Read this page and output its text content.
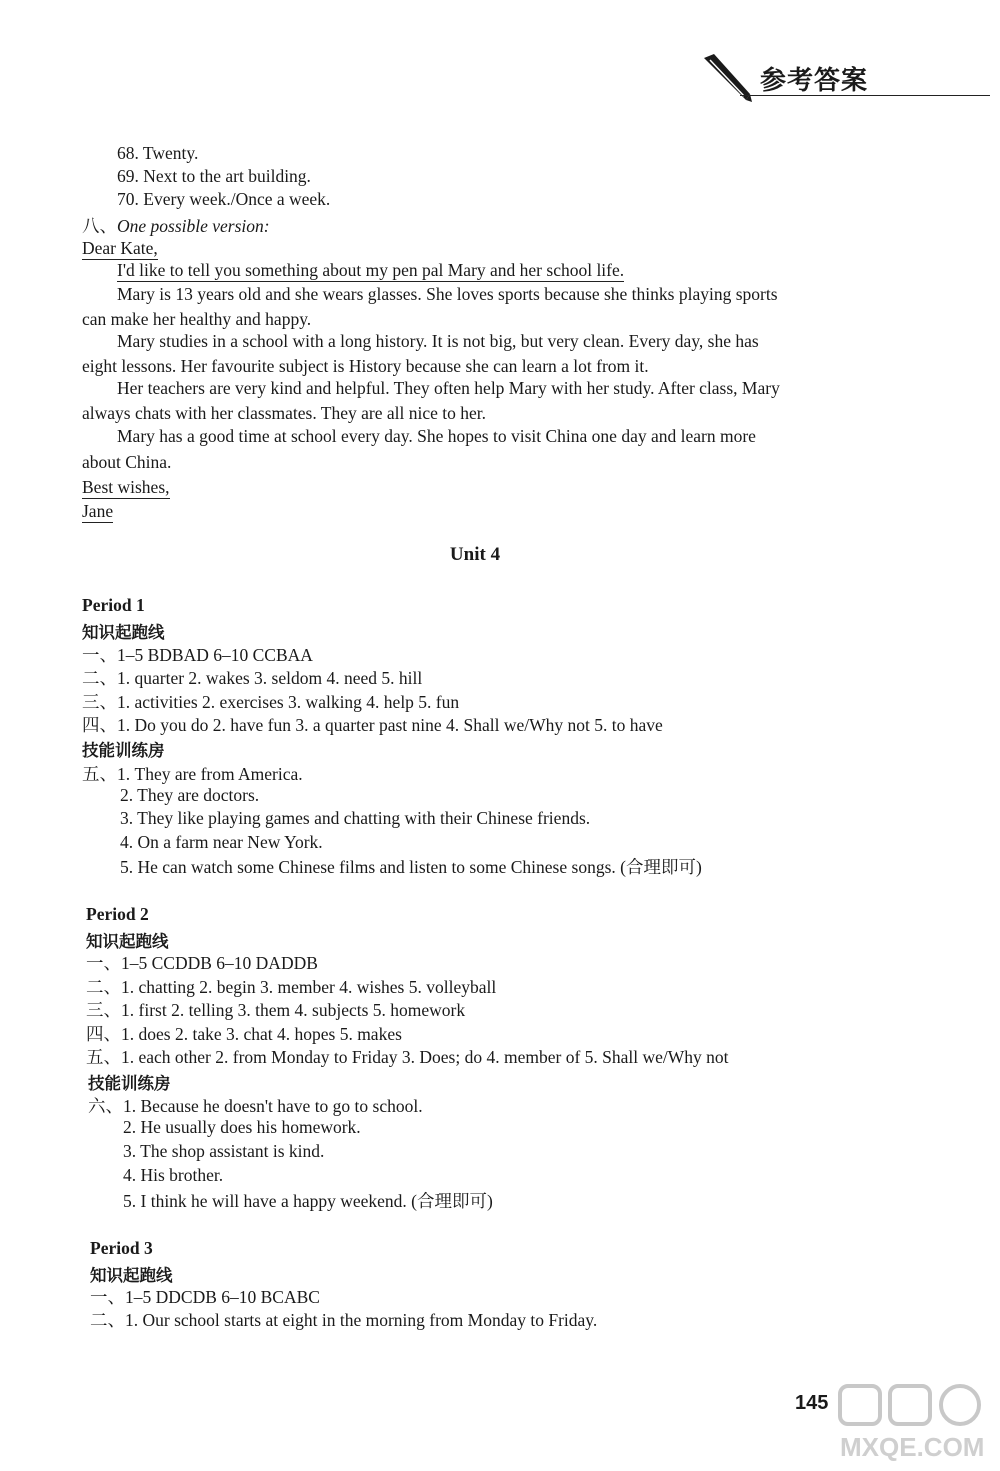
参考答案
68. Twenty.
69. Next to the art building.
70. Every week./Once a week.
八、One possible version:
Dear Kate,
I'd like to tell you something about my pen pal Mary and her school life.
Mary is 13 years old and she wears glasses. She loves sports because she thinks playing sports
can make her healthy and happy.
Mary studies in a school with a long history. It is not big, but very clean. Every day, she has
eight lessons. Her favourite subject is History because she can learn a lot from it.
Her teachers are very kind and helpful. They often help Mary with her study. After class, Mary
always chats with her classmates. They are all nice to her.
Mary has a good time at school every day. She hopes to visit China one day and learn more
about China.
Best wishes,
Jane
Unit 4
Period 1
知识起跑线
一、1–5 BDBAD 6–10 CCBAA
二、1. quarter 2. wakes 3. seldom 4. need 5. hill
三、1. activities 2. exercises 3. walking 4. help 5. fun
四、1. Do you do 2. have fun 3. a quarter past nine 4. Shall we/Why not 5. to have
技能训练房
五、1. They are from America.
2. They are doctors.
3. They like playing games and chatting with their Chinese friends.
4. On a farm near New York.
5. He can watch some Chinese films and listen to some Chinese songs. (合理即可)
Period 2
知识起跑线
一、1–5 CCDDB 6–10 DADDB
二、1. chatting 2. begin 3. member 4. wishes 5. volleyball
三、1. first 2. telling 3. them 4. subjects 5. homework
四、1. does 2. take 3. chat 4. hopes 5. makes
五、1. each other 2. from Monday to Friday 3. Does; do 4. member of 5. Shall we/Why not
技能训练房
六、1. Because he doesn't have to go to school.
2. He usually does his homework.
3. The shop assistant is kind.
4. His brother.
5. I think he will have a happy weekend. (合理即可)
Period 3
知识起跑线
一、1–5 DDCDB 6–10 BCABC
二、1. Our school starts at eight in the morning from Monday to Friday.
145
MXQE.COM
